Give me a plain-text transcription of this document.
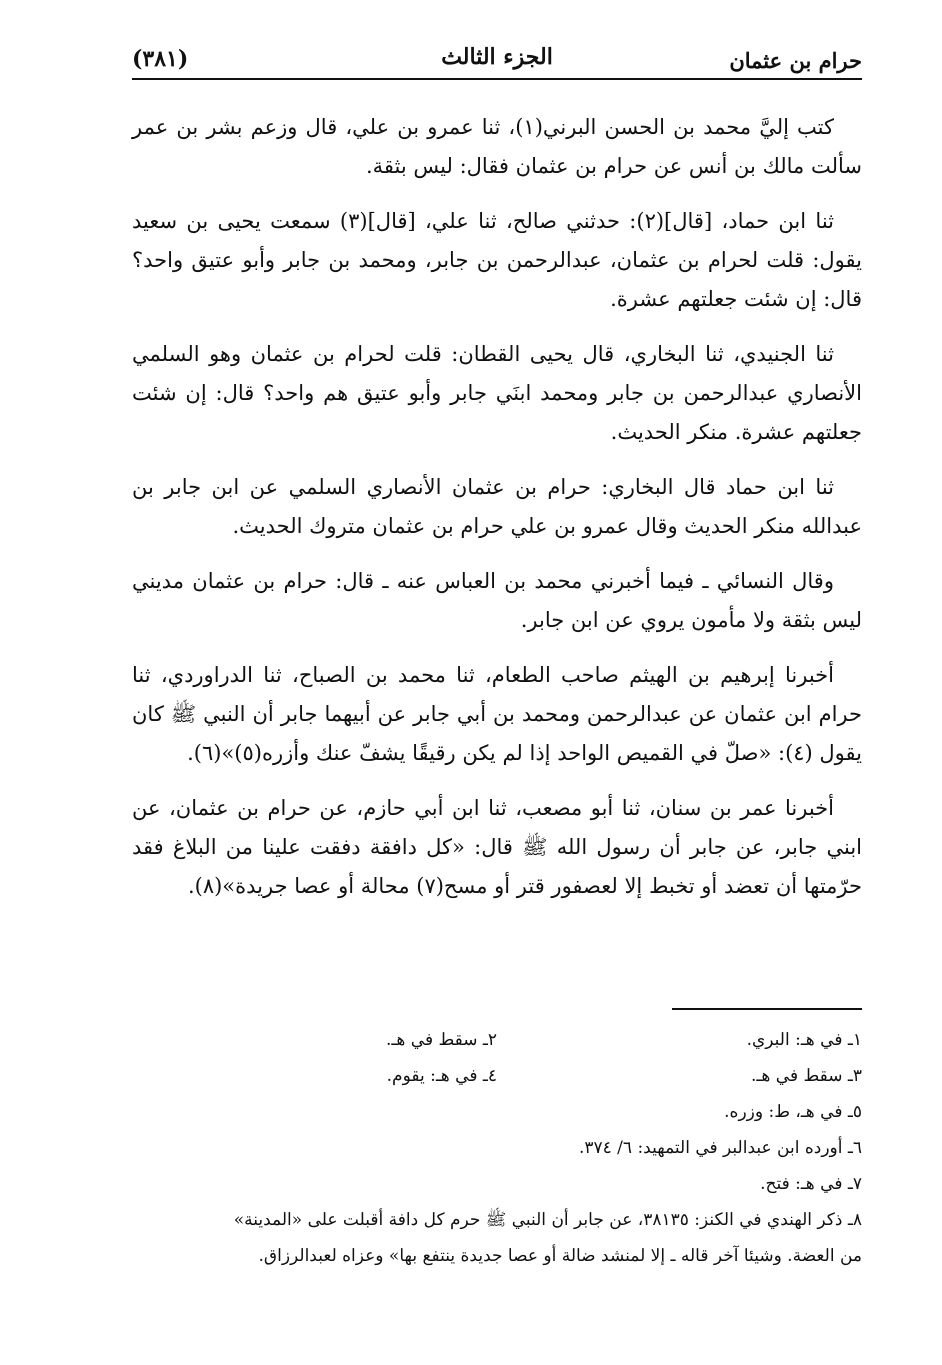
حرام بن عثمان
الجزء الثالث
(٣٨١)

كتب إليَّ محمد بن الحسن البرني(١)، ثنا عمرو بن علي، قال وزعم بشر بن عمر سألت مالك بن أنس عن حرام بن عثمان فقال: ليس بثقة.

ثنا ابن حماد، [قال](٢): حدثني صالح، ثنا علي، [قال](٣) سمعت يحيى بن سعيد يقول: قلت لحرام بن عثمان، عبدالرحمن بن جابر، ومحمد بن جابر وأبو عتيق واحد؟ قال: إن شئت جعلتهم عشرة.

ثنا الجنيدي، ثنا البخاري، قال يحيى القطان: قلت لحرام بن عثمان وهو السلمي الأنصاري عبدالرحمن بن جابر ومحمد ابنَي جابر وأبو عتيق هم واحد؟ قال: إن شئت جعلتهم عشرة. منكر الحديث.

ثنا ابن حماد قال البخاري: حرام بن عثمان الأنصاري السلمي عن ابن جابر بن عبدالله منكر الحديث وقال عمرو بن علي حرام بن عثمان متروك الحديث.

وقال النسائي ـ فيما أخبرني محمد بن العباس عنه ـ قال: حرام بن عثمان مديني ليس بثقة ولا مأمون يروي عن ابن جابر.

أخبرنا إبرهيم بن الهيثم صاحب الطعام، ثنا محمد بن الصباح، ثنا الدراوردي، ثنا حرام ابن عثمان عن عبدالرحمن ومحمد بن أبي جابر عن أبيهما جابر أن النبي ﷺ كان يقول (٤): «صلّ في القميص الواحد إذا لم يكن رقيقًا يشفّ عنك وأزره(٥)»(٦).

أخبرنا عمر بن سنان، ثنا أبو مصعب، ثنا ابن أبي حازم، عن حرام بن عثمان، عن ابني جابر، عن جابر أن رسول الله ﷺ قال: «كل دافقة دفقت علينا من البلاغ فقد حرّمتها أن تعضد أو تخبط إلا لعصفور قتر أو مسح(٧) محالة أو عصا جريدة»(٨).

١ـ في هـ: البري.
٢ـ سقط في هـ.
٣ـ سقط في هـ.
٤ـ في هـ: يقوم.
٥ـ في هـ، ط: وزره.
٦ـ أورده ابن عبدالبر في التمهيد: ٦/ ٣٧٤.
٧ـ في هـ: فتح.
٨ـ ذكر الهندي في الكنز: ٣٨١٣٥، عن جابر أن النبي ﷺ حرم كل دافة أقبلت على «المدينة»
من العضة. وشيئا آخر قاله ـ إلا لمنشد ضالة أو عصا جديدة ينتفع بها» وعزاه لعبدالرزاق.
